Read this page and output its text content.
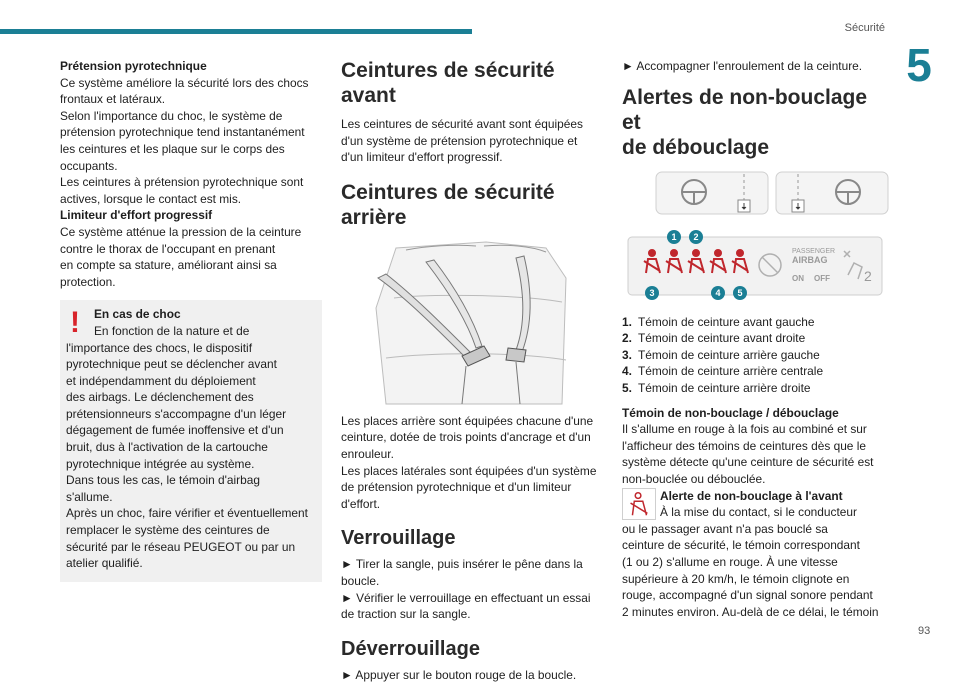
Sécurité
5
93
Prétension pyrotechnique
Ce système améliore la sécurité lors des chocs
frontaux et latéraux.
Selon l'importance du choc, le système de
prétension pyrotechnique tend instantanément
les ceintures et les plaque sur le corps des
occupants.
Les ceintures à prétension pyrotechnique sont
actives, lorsque le contact est mis.
Limiteur d'effort progressif
Ce système atténue la pression de la ceinture
contre le thorax de l'occupant en prenant
en compte sa stature, améliorant ainsi sa
protection.
! En cas de choc
En fonction de la nature et de
l'importance des chocs, le dispositif
pyrotechnique peut se déclencher avant
et indépendamment du déploiement
des airbags. Le déclenchement des
prétensionneurs s'accompagne d'un léger
dégagement de fumée inoffensive et d'un
bruit, dus à l'activation de la cartouche
pyrotechnique intégrée au système.
Dans tous les cas, le témoin d'airbag
s'allume.
Après un choc, faire vérifier et éventuellement
remplacer le système des ceintures de
sécurité par le réseau PEUGEOT ou par un
atelier qualifié.
Ceintures de sécurité avant
Les ceintures de sécurité avant sont équipées
d'un système de prétension pyrotechnique et
d'un limiteur d'effort progressif.
Ceintures de sécurité arrière
Les places arrière sont équipées chacune d'une
ceinture, dotée de trois points d'ancrage et d'un
enrouleur.
Les places latérales sont équipées d'un système
de prétension pyrotechnique et d'un limiteur
d'effort.
Verrouillage
► Tirer la sangle, puis insérer le pêne dans la
boucle.
► Vérifier le verrouillage en effectuant un essai
de traction sur la sangle.
Déverrouillage
► Appuyer sur le bouton rouge de la boucle.
► Accompagner l'enroulement de la ceinture.
Alertes de non-bouclage et
de débouclage

PASSENGER
AIRBAG
ON OFF 2
1 2
3	4 5
1. Témoin de ceinture avant gauche
2. Témoin de ceinture avant droite
3. Témoin de ceinture arrière gauche
4. Témoin de ceinture arrière centrale
5. Témoin de ceinture arrière droite
Témoin de non-bouclage / débouclage
Il s'allume en rouge à la fois au combiné et sur
l'afficheur des témoins de ceintures dès que le
système détecte qu'une ceinture de sécurité est
non-bouclée ou débouclée.
Alerte de non-bouclage à l'avant
À la mise du contact, si le conducteur
ou le passager avant n'a pas bouclé sa
ceinture de sécurité, le témoin correspondant
(1 ou 2) s'allume en rouge. À une vitesse
supérieure à 20 km/h, le témoin clignote en
rouge, accompagné d'un signal sonore pendant
2 minutes environ. Au-delà de ce délai, le témoin
